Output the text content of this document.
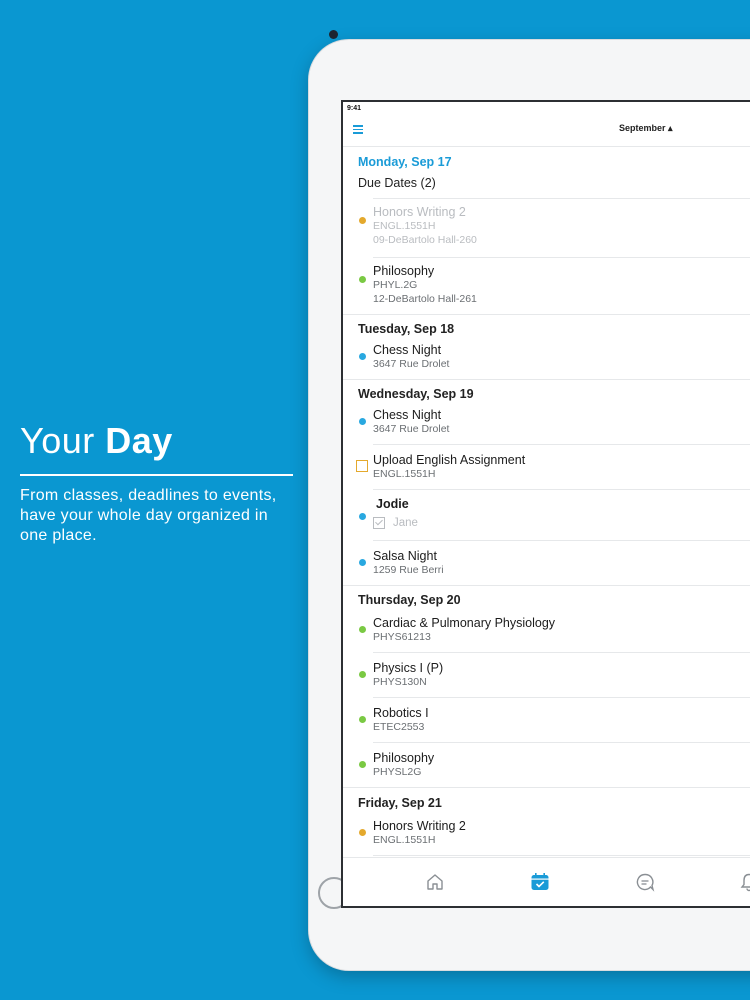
Your Day
From classes, deadlines to events, have your whole day organized in one place.
9:41
September ▴
Monday, Sep 17
Due Dates (2)
Honors Writing 2
ENGL.1551H
09-DeBartolo Hall-260
Philosophy
PHYL.2G
12-DeBartolo Hall-261
Tuesday, Sep 18
Chess Night
3647 Rue Drolet
Wednesday, Sep 19
Chess Night
3647 Rue Drolet
Upload English Assignment
ENGL.1551H
Jodie
Jane
Salsa Night
1259 Rue Berri
Thursday, Sep 20
Cardiac & Pulmonary Physiology
PHYS61213
Physics I (P)
PHYS130N
Robotics I
ETEC2553
Philosophy
PHYSL2G
Friday, Sep 21
Honors Writing 2
ENGL.1551H
